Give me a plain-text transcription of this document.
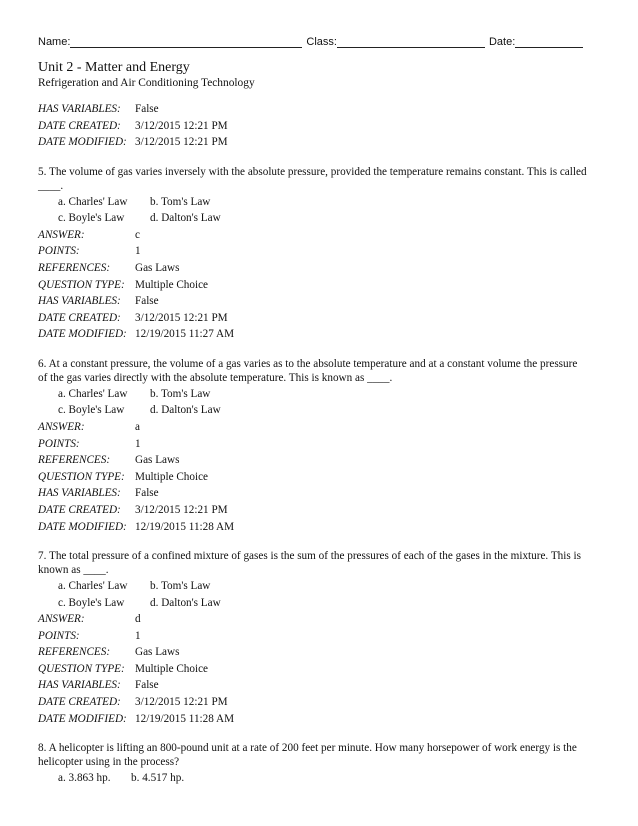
Name:	Class:	Date:
Unit 2 - Matter and Energy
Refrigeration and Air Conditioning Technology
HAS VARIABLES:	False
DATE CREATED:	3/12/2015 12:21 PM
DATE MODIFIED: 3/12/2015 12:21 PM
5. The volume of gas varies inversely with the absolute pressure, provided the temperature remains constant. This is called
____.
a. Charles' Law	b. Tom's Law
c. Boyle's Law	d. Dalton's Law
ANSWER:	c
POINTS:	1
REFERENCES:	Gas Laws
QUESTION TYPE: Multiple Choice
HAS VARIABLES:	False
DATE CREATED:	3/12/2015 12:21 PM
DATE MODIFIED: 12/19/2015 11:27 AM
6. At a constant pressure, the volume of a gas varies as to the absolute temperature and at a constant volume the pressure
of the gas varies directly with the absolute temperature. This is known as ____.
a. Charles' Law	b. Tom's Law
c. Boyle's Law	d. Dalton's Law
ANSWER:	a
POINTS:	1
REFERENCES:	Gas Laws
QUESTION TYPE: Multiple Choice
HAS VARIABLES:	False
DATE CREATED:	3/12/2015 12:21 PM
DATE MODIFIED: 12/19/2015 11:28 AM
7. The total pressure of a confined mixture of gases is the sum of the pressures of each of the gases in the mixture. This is
known as ____.
a. Charles' Law	b. Tom's Law
c. Boyle's Law	d. Dalton's Law
ANSWER:	d
POINTS:	1
REFERENCES:	Gas Laws
QUESTION TYPE: Multiple Choice
HAS VARIABLES:	False
DATE CREATED:	3/12/2015 12:21 PM
DATE MODIFIED: 12/19/2015 11:28 AM
8. A helicopter is lifting an 800-pound unit at a rate of 200 feet per minute. How many horsepower of work energy is the
helicopter using in the process?
a. 3.863 hp.	b. 4.517 hp.
